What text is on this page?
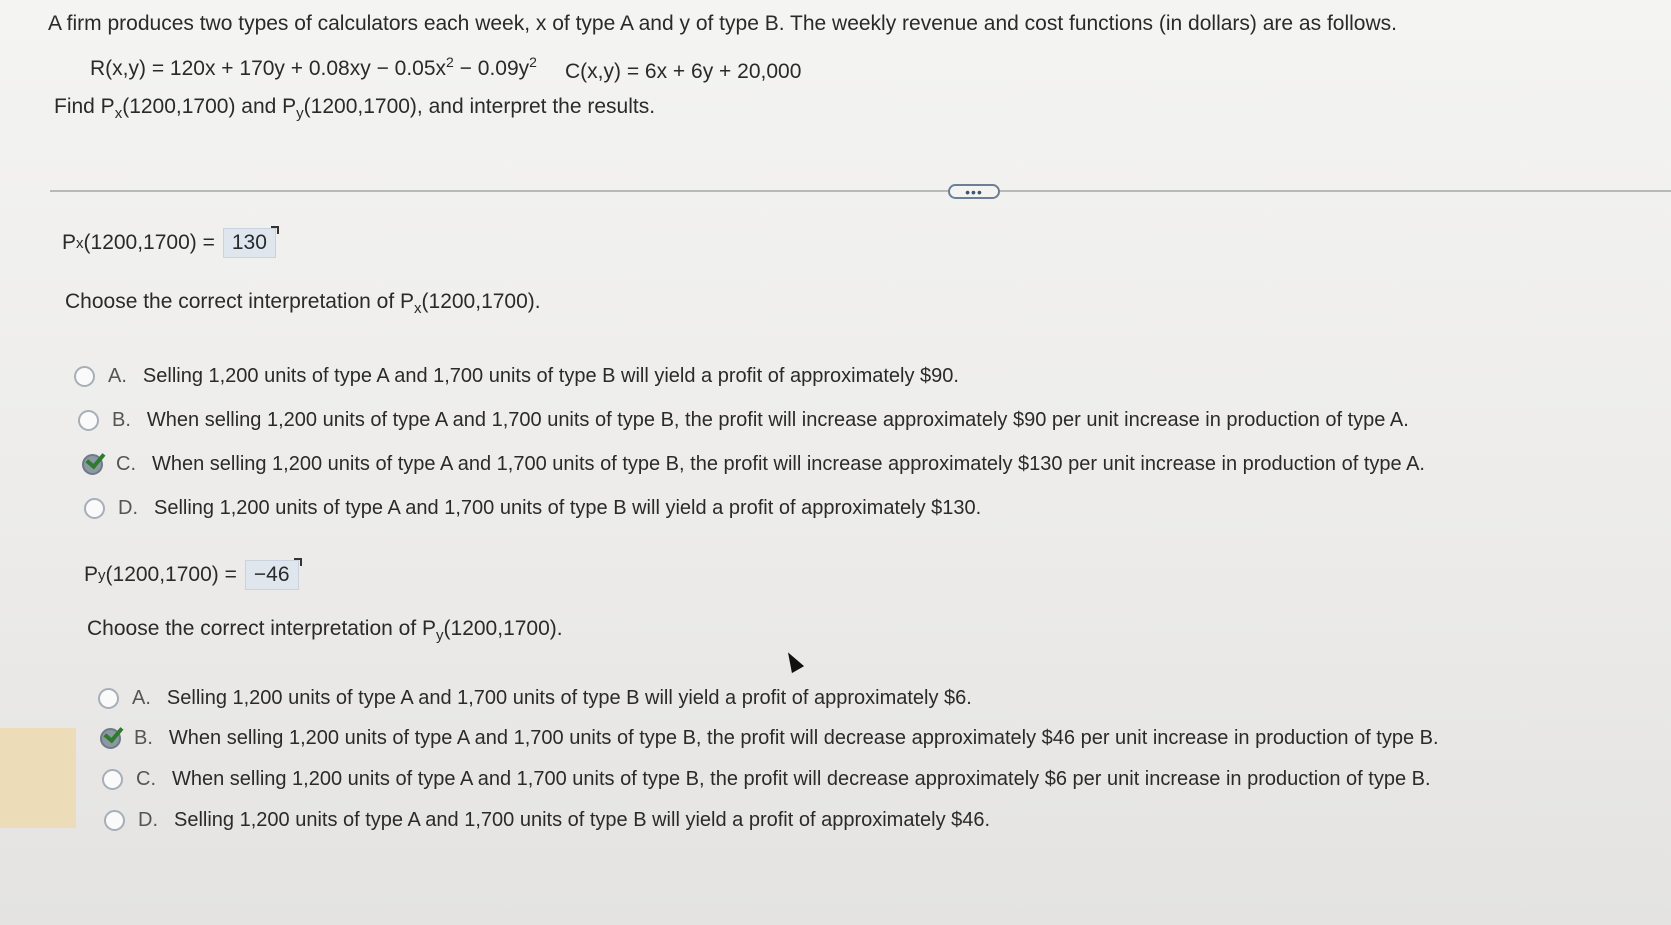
A firm produces two types of calculators each week, x of type A and y of type B. The weekly revenue and cost functions (in dollars) are as follows.
$R(x,y) = 120x + 170y + 0.08xy - 0.05x^2 - 0.09y^2$ C(x,y) = 6x + 6y + 20,000
Find $P_x(1200,1700)$ and $P_y(1200,1700)$, and interpret the results.
•••
P x (1200,1700) = 130
Choose the correct interpretation of $P_x(1200,1700)$.
A. Selling 1,200 units of type A and 1,700 units of type B will yield a profit of approximately $90.
B. When selling 1,200 units of type A and 1,700 units of type B, the profit will increase approximately $90 per unit increase in production of type A.
C. When selling 1,200 units of type A and 1,700 units of type B, the profit will increase approximately $130 per unit increase in production of type A.
D. Selling 1,200 units of type A and 1,700 units of type B will yield a profit of approximately $130.
P y (1200,1700) = −46
Choose the correct interpretation of $P_y(1200,1700)$.
A. Selling 1,200 units of type A and 1,700 units of type B will yield a profit of approximately $6.
B. When selling 1,200 units of type A and 1,700 units of type B, the profit will decrease approximately $46 per unit increase in production of type B.
C. When selling 1,200 units of type A and 1,700 units of type B, the profit will decrease approximately $6 per unit increase in production of type B.
D. Selling 1,200 units of type A and 1,700 units of type B will yield a profit of approximately $46.
